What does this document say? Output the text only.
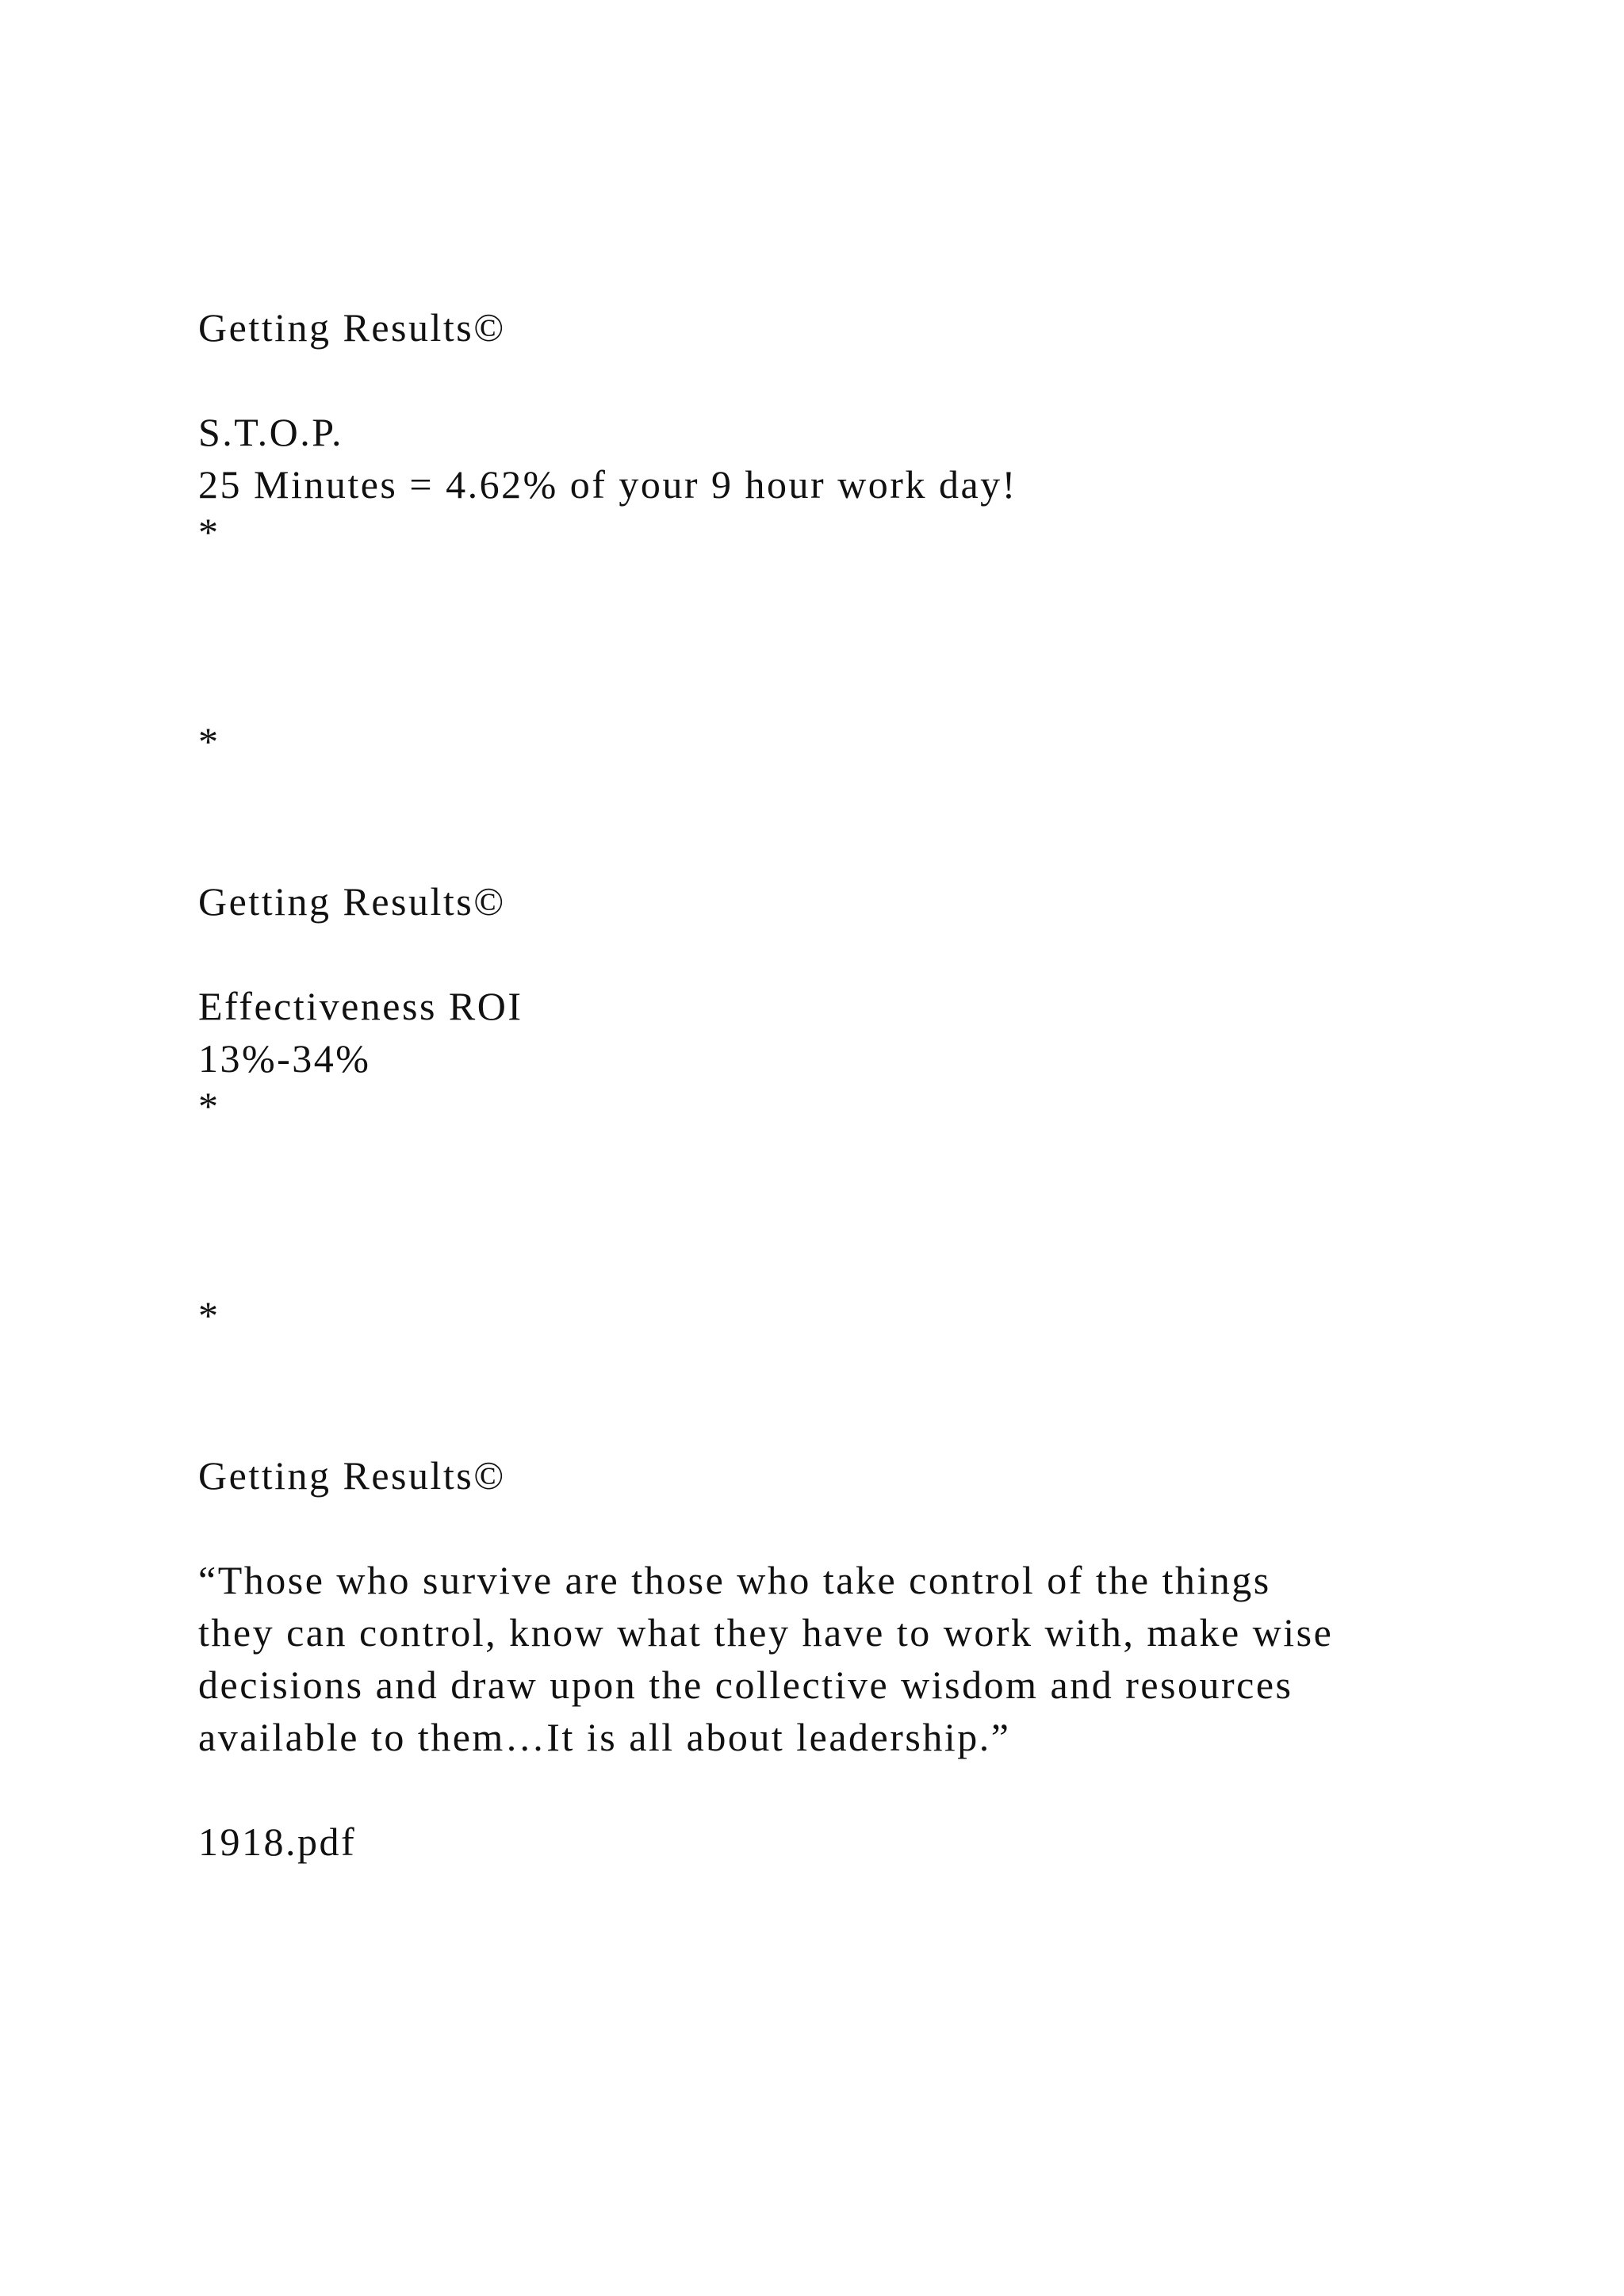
Getting Results©

S.T.O.P.

25 Minutes = 4.62% of your 9 hour work day!

*

*

Getting Results©

Effectiveness ROI

13%-34%

*

*

Getting Results©

“Those who survive are those who take control of the things

they can control, know what they have to work with, make wise

decisions and draw upon the collective wisdom and resources

available to them…It is all about leadership.”

1918.pdf
